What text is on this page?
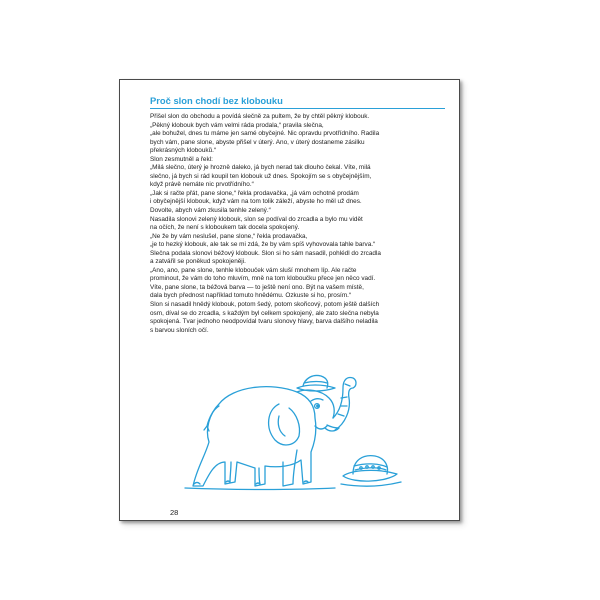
Proč slon chodí bez klobouku
Přišel slon do obchodu a povídá slečně za pultem, že by chtěl pěkný klobouk.
„Pěkný klobouk bych vám velmi ráda prodala,“ pravila slečna,
„ale bohužel, dnes tu máme jen samé obyčejné. Nic opravdu prvotřídního. Radila
bych vám, pane slone, abyste přišel v úterý. Ano, v úterý dostaneme zásilku
překrásných klobouků.“
Slon zesmutněl a řekl:
„Milá slečno, úterý je hrozně daleko, já bych nerad tak dlouho čekal. Víte, milá
slečno, já bych si rád koupil ten klobouk už dnes. Spokojím se s obyčejnějším,
když právě nemáte nic prvotřídního.“
„Jak si račte přát, pane slone,“ řekla prodavačka, „já vám ochotně prodám
i obyčejnější klobouk, když vám na tom tolik záleží, abyste ho měl už dnes.
Dovolte, abych vám zkusila tenhle zelený.“
Nasadila slonovi zelený klobouk, slon se podíval do zrcadla a bylo mu vidět
na očích, že není s kloboukem tak docela spokojený.
„Ne že by vám neslušel, pane slone,“ řekla prodavačka,
„je to hezký klobouk, ale tak se mi zdá, že by vám spíš vyhovovala tahle barva.“
Slečna podala slonovi béžový klobouk. Slon si ho sám nasadil, pohlédl do zrcadla
a zatvářil se poněkud spokojeněji.
„Ano, ano, pane slone, tenhle klobouček vám sluší mnohem líp. Ale račte
prominout, že vám do toho mluvím, mně na tom kloboučku přece jen něco vadí.
Víte, pane slone, ta béžová barva — to ještě není ono. Být na vašem místě,
dala bych přednost například tomuto hnědému. Ozkuste si ho, prosím.“
Slon si nasadil hnědý klobouk, potom šedý, potom skořicový, potom ještě dalších
osm, díval se do zrcadla, s každým byl celkem spokojený, ale zato slečna nebyla
spokojená. Tvar jednoho neodpovídal tvaru slonovy hlavy, barva dalšího neladila
s barvou sloních očí.
28
